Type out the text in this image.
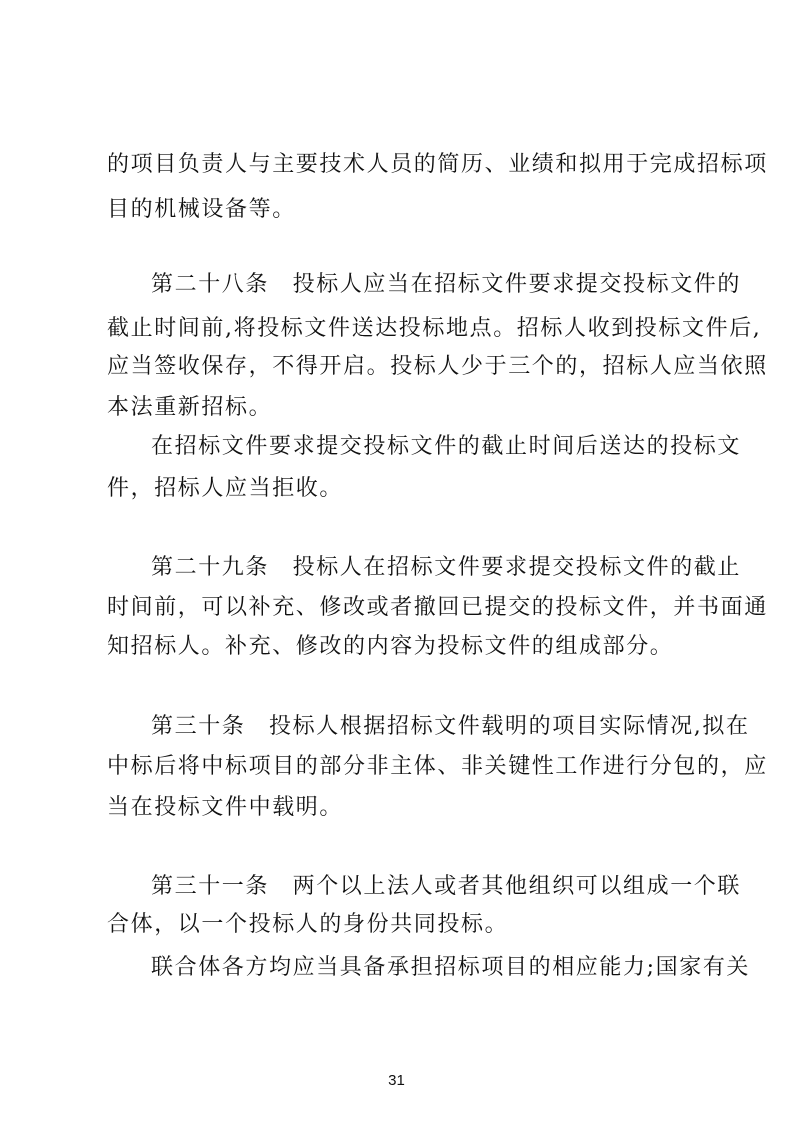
的项目负责人与主要技术人员的简历、业绩和拟用于完成招标项
目的机械设备等。
第二十八条　投标人应当在招标文件要求提交投标文件的
截止时间前,将投标文件送达投标地点。招标人收到投标文件后,
应当签收保存，不得开启。投标人少于三个的，招标人应当依照
本法重新招标。
在招标文件要求提交投标文件的截止时间后送达的投标文
件，招标人应当拒收。
第二十九条　投标人在招标文件要求提交投标文件的截止
时间前，可以补充、修改或者撤回已提交的投标文件，并书面通
知招标人。补充、修改的内容为投标文件的组成部分。
第三十条　投标人根据招标文件载明的项目实际情况,拟在
中标后将中标项目的部分非主体、非关键性工作进行分包的，应
当在投标文件中载明。
第三十一条　两个以上法人或者其他组织可以组成一个联
合体，以一个投标人的身份共同投标。
联合体各方均应当具备承担招标项目的相应能力;国家有关
31
